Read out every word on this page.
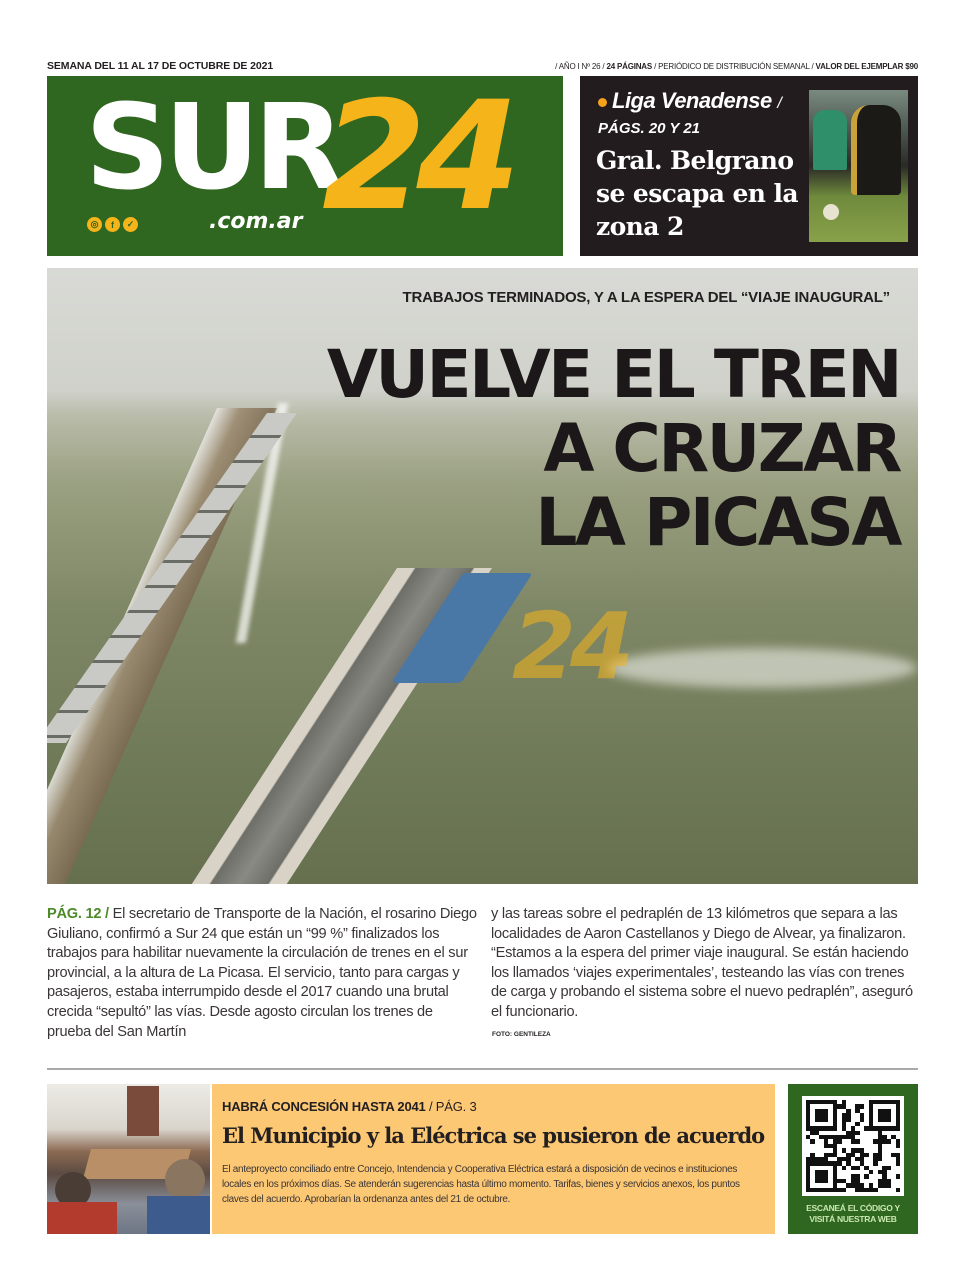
SEMANA DEL 11 AL 17 DE OCTUBRE DE 2021	/ AÑO I Nº 26 / 24 PÁGINAS / PERIÓDICO DE DISTRIBUCIÓN SEMANAL / VALOR DEL EJEMPLAR $90
SUR
24
.com.ar
◎	f	✓
Liga Venadense /
PÁGS. 20 Y 21
Gral. Belgrano se escapa en la zona 2
24
TRABAJOS TERMINADOS, Y A LA ESPERA DEL “VIAJE INAUGURAL”
VUELVE EL TREN
A CRUZAR
LA PICASA
PÁG. 12 / El secretario de Transporte de la Nación, el rosarino Diego Giuliano, confirmó a Sur 24 que están un “99 %” finalizados los trabajos para habilitar nuevamente la circulación de trenes en el sur provincial, a la altura de La Picasa. El servicio, tanto para cargas y pasajeros, estaba interrumpido desde el 2017 cuando una brutal crecida “sepultó” las vías. Desde agosto circulan los trenes de prueba del San Martín
y las tareas sobre el pedraplén de 13 kilómetros que separa a las localidades de Aaron Castellanos y Diego de Alvear, ya finalizaron. “Estamos a la espera del primer viaje inaugural. Se están haciendo los llamados ‘viajes experimentales’, testeando las vías con trenes de carga y probando el sistema sobre el nuevo pedraplén”, aseguró el funcionario.
FOTO: GENTILEZA
HABRÁ CONCESIÓN HASTA 2041 / PÁG. 3
El Municipio y la Eléctrica se pusieron de acuerdo
El anteproyecto conciliado entre Concejo, Intendencia y Cooperativa Eléctrica estará a disposición de vecinos e instituciones locales en los próximos días. Se atenderán sugerencias hasta último momento. Tarifas, bienes y servicios anexos, los puntos claves del acuerdo. Aprobarían la ordenanza antes del 21 de octubre.
ESCANEÁ EL CÓDIGO Y
VISITÁ NUESTRA WEB
